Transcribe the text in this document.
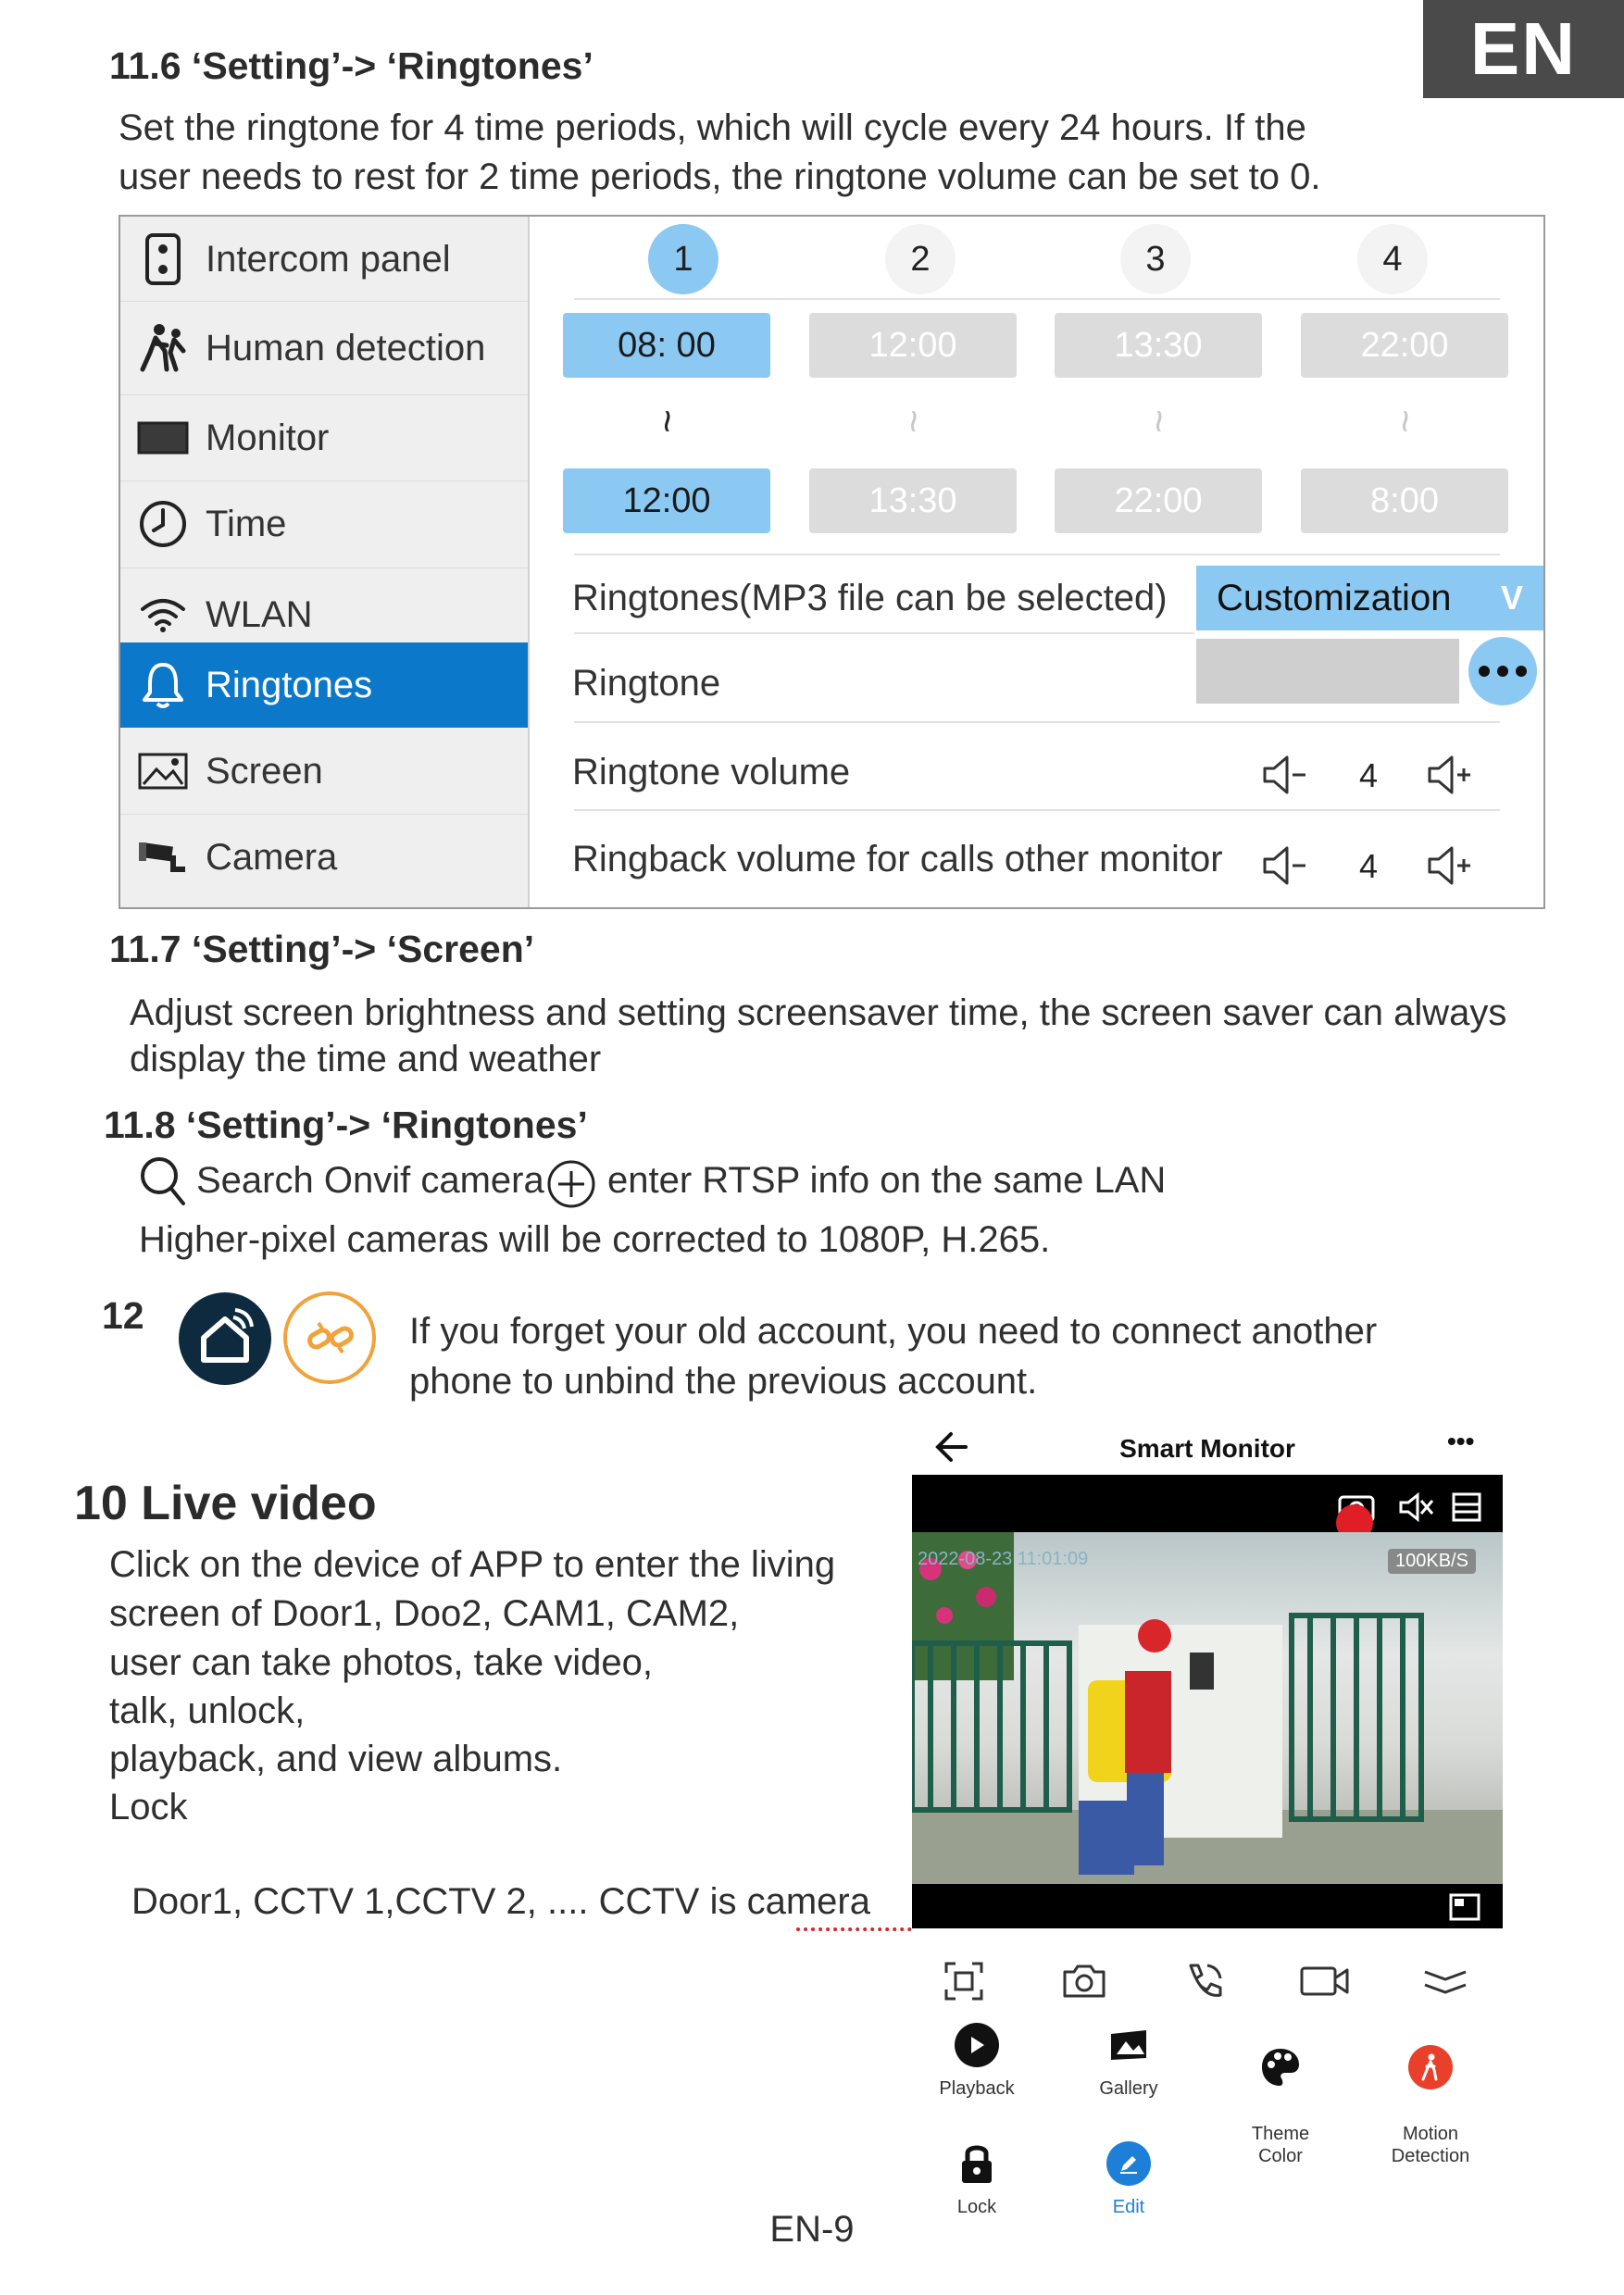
EN
11.6 ‘Setting’-> ‘Ringtones’
Set the ringtone for 4 time periods, which will cycle every 24 hours. If the
user needs to rest for 2 time periods, the ringtone volume can be set to 0.
Intercom panel
Human detection
Monitor
Time
WLAN
Ringtones
Screen
Camera
1	2	3	4
08: 00	12:00	13:30	22:00
~	~	~	~
12:00	13:30	22:00	8:00
Ringtones(MP3 file can be selected) Customization V
Ringtone
Ringtone volume	4
Ringback volume for calls other monitor	4
11.7 ‘Setting’-> ‘Screen’
Adjust screen brightness and setting screensaver time, the screen saver can always
display the time and weather
11.8 ‘Setting’-> ‘Ringtones’
Search Onvif camera enter RTSP info on the same LAN
Higher-pixel cameras will be corrected to 1080P, H.265.
12	If you forget your old account, you need to connect another
phone to unbind the previous account.
10 Live video
Click on the device of APP to enter the living
screen of Door1, Doo2, CAM1, CAM2,
user can take photos, take video,
talk, unlock,
playback, and view albums.
Lock
Door1, CCTV 1,CCTV 2, .... CCTV is camera
Smart Monitor	•••
2022-08-23 11:01:09	100KB/S
Playback	Gallery

Theme
Color

Motion
Detection

Lock	Edit
EN-9
